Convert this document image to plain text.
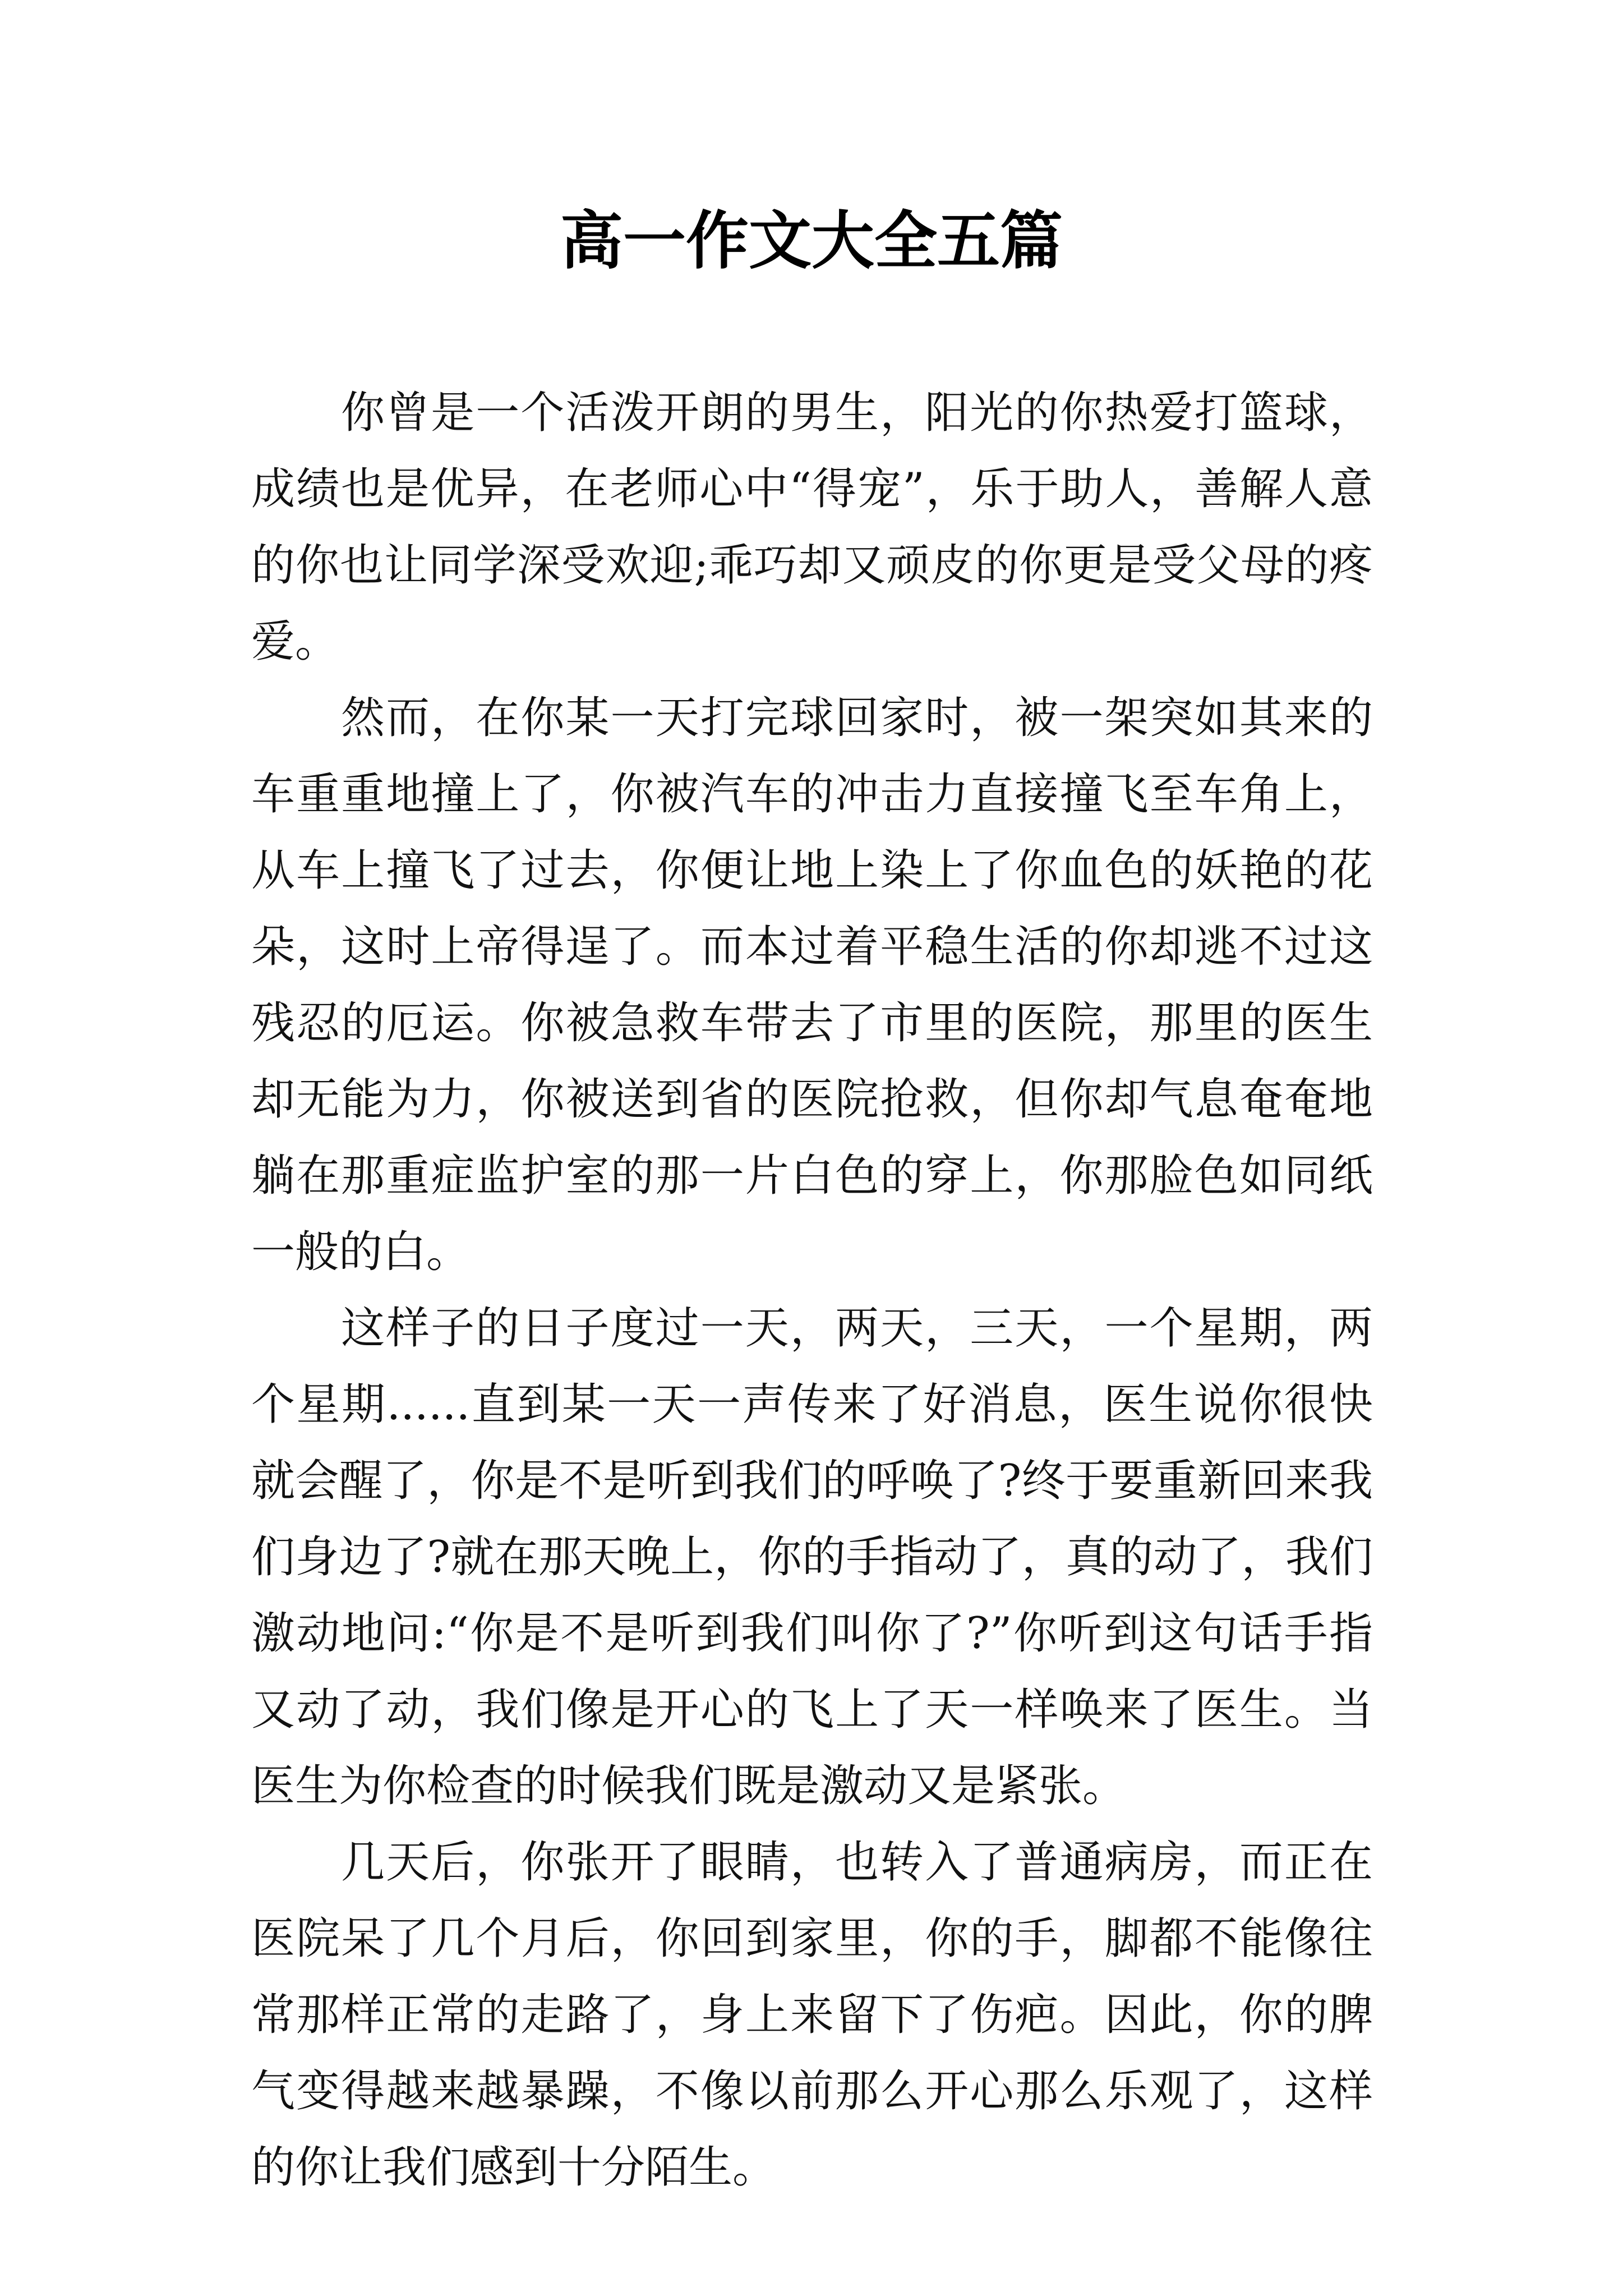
高一作文大全五篇

你曾是一个活泼开朗的男生，阳光的你热爱打篮球，成绩也是优异，在老师心中“得宠”，乐于助人，善解人意的你也让同学深受欢迎;乖巧却又顽皮的你更是受父母的疼爱。

然而，在你某一天打完球回家时，被一架突如其来的车重重地撞上了，你被汽车的冲击力直接撞飞至车角上，从车上撞飞了过去，你便让地上染上了你血色的妖艳的花朵，这时上帝得逞了。而本过着平稳生活的你却逃不过这残忍的厄运。你被急救车带去了市里的医院，那里的医生却无能为力，你被送到省的医院抢救，但你却气息奄奄地躺在那重症监护室的那一片白色的穿上，你那脸色如同纸一般的白。

这样子的日子度过一天，两天，三天，一个星期，两个星期......直到某一天一声传来了好消息，医生说你很快就会醒了，你是不是听到我们的呼唤了?终于要重新回来我们身边了?就在那天晚上，你的手指动了，真的动了，我们激动地问:“你是不是听到我们叫你了?”你听到这句话手指又动了动，我们像是开心的飞上了天一样唤来了医生。当医生为你检查的时候我们既是激动又是紧张。

几天后，你张开了眼睛，也转入了普通病房，而正在医院呆了几个月后，你回到家里，你的手，脚都不能像往常那样正常的走路了，身上来留下了伤疤。因此，你的脾气变得越来越暴躁，不像以前那么开心那么乐观了，这样的你让我们感到十分陌生。
